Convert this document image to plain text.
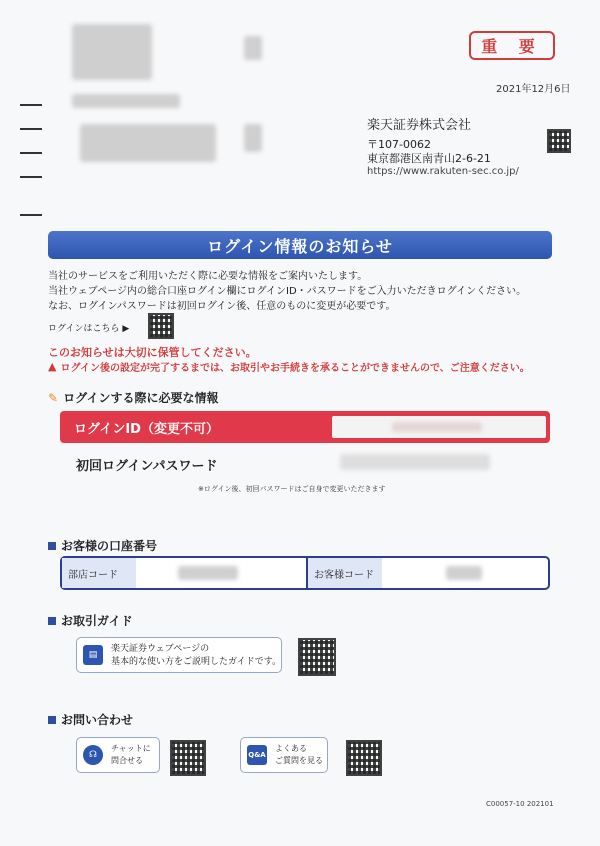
重 要
2021年12月6日
楽天証券株式会社
〒107-0062
東京都港区南青山2-6-21
https://www.rakuten-sec.co.jp/
ログイン情報のお知らせ
当社のサービスをご利用いただく際に必要な情報をご案内いたします。
当社ウェブページ内の総合口座ログイン欄にログインID・パスワードをご入力いただきログインください。
なお、ログインパスワードは初回ログイン後、任意のものに変更が必要です。
ログインはこちら ▶
このお知らせは大切に保管してください。
▲ ログイン後の設定が完了するまでは、お取引やお手続きを承ることができませんので、ご注意ください。
✎ ログインする際に必要な情報
ログインID（変更不可）
初回ログインパスワード
※ログイン後、初回パスワードはご自身で変更いただきます
お客様の口座番号
部店コード	お客様コード
お取引ガイド
▤
楽天証券ウェブページの
基本的な使い方をご説明したガイドです。
お問い合わせ
☊
チャットに
問合せる
Q&A
よくある
ご質問を見る
C00057-10 202101
